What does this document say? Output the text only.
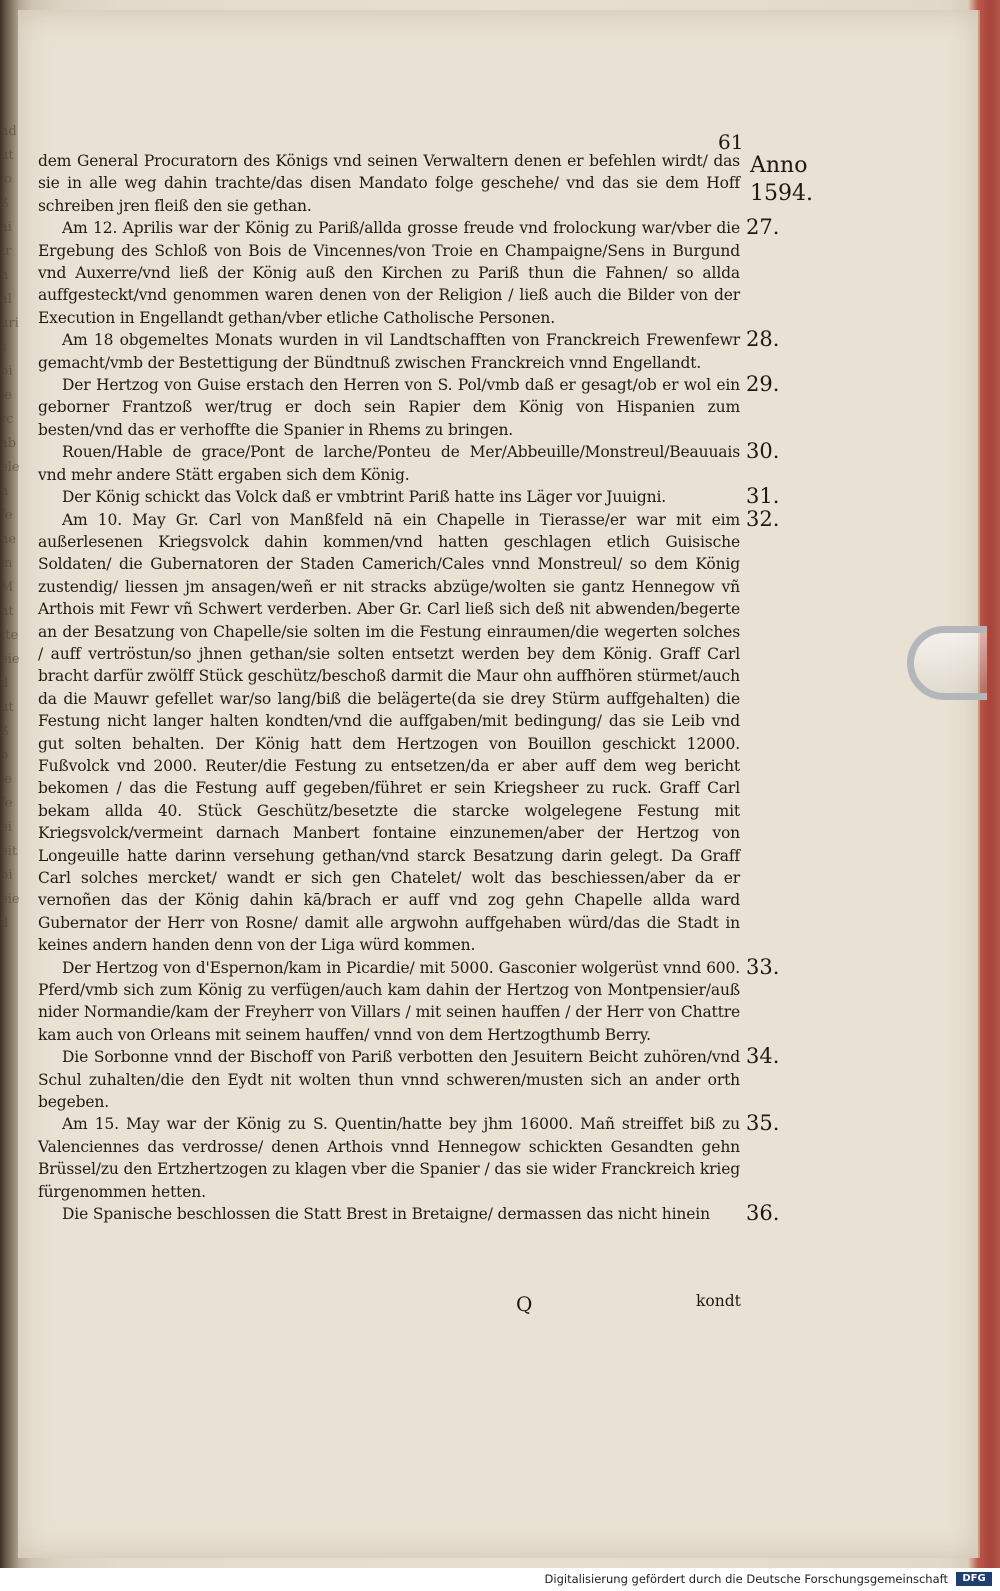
nd
ut
lo
ß
ai
tr
n
al
uri
s
bi
ie
rc
ab
ele
n
fe
ne
m
M
nt
tte
eie
d
ut
ß
b
ie
fe
ei
eit
bi
eie
d
61
Anno
1594.

dem General Procuratorn des Königs vnd seinen Verwaltern denen er befehlen wirdt/ das sie in alle weg dahin trachte/das disen Mandato folge geschehe/ vnd das sie dem Hoff schreiben jren fleiß den sie gethan.

Am 12. Aprilis war der König zu Pariß/allda grosse freude vnd frolockung war/vber die Ergebung des Schloß von Bois de Vincennes/von Troie en Champaigne/Sens in Burgund vnd Auxerre/vnd ließ der König auß den Kirchen zu Pariß thun die Fahnen/ so allda auffgesteckt/vnd genommen waren denen von der Religion / ließ auch die Bilder von der Execution in Engellandt gethan/vber etliche Catholische Personen.

Am 18 obgemeltes Monats wurden in vil Landtschafften von Franckreich Frewenfewr gemacht/vmb der Bestettigung der Bündtnuß zwischen Franckreich vnnd Engellandt.

Der Hertzog von Guise erstach den Herren von S. Pol/vmb daß er gesagt/ob er wol ein geborner Frantzoß wer/trug er doch sein Rapier dem König von Hispanien zum besten/vnd das er verhoffte die Spanier in Rhems zu bringen.

Rouen/Hable de grace/Pont de larche/Ponteu de Mer/Abbeuille/Monstreul/Beauuais vnd mehr andere Stätt ergaben sich dem König.

Der König schickt das Volck daß er vmbtrint Pariß hatte ins Läger vor Juuigni.

Am 10. May Gr. Carl von Manßfeld nā ein Chapelle in Tierasse/er war mit eim außerlesenen Kriegsvolck dahin kommen/vnd hatten geschlagen etlich Guisische Soldaten/ die Gubernatoren der Staden Camerich/Cales vnnd Monstreul/ so dem König zustendig/ liessen jm ansagen/weñ er nit stracks abzüge/wolten sie gantz Hennegow vñ Arthois mit Fewr vñ Schwert verderben. Aber Gr. Carl ließ sich deß nit abwenden/begerte an der Besatzung von Chapelle/sie solten im die Festung einraumen/die wegerten solches / auff vertröstun/so jhnen gethan/sie solten entsetzt werden bey dem König. Graff Carl bracht darfür zwölff Stück geschütz/beschoß darmit die Maur ohn auffhören stürmet/auch da die Mauwr gefellet war/so lang/biß die belägerte(da sie drey Stürm auffgehalten) die Festung nicht langer halten kondten/vnd die auffgaben/mit bedingung/ das sie Leib vnd gut solten behalten. Der König hatt dem Hertzogen von Bouillon geschickt 12000. Fußvolck vnd 2000. Reuter/die Festung zu entsetzen/da er aber auff dem weg bericht bekomen / das die Festung auff gegeben/führet er sein Kriegsheer zu ruck. Graff Carl bekam allda 40. Stück Geschütz/besetzte die starcke wolgelegene Festung mit Kriegsvolck/vermeint darnach Manbert fontaine einzunemen/aber der Hertzog von Longeuille hatte darinn versehung gethan/vnd starck Besatzung darin gelegt. Da Graff Carl solches mercket/ wandt er sich gen Chatelet/ wolt das beschiessen/aber da er vernoñen das der König dahin kā/brach er auff vnd zog gehn Chapelle allda ward Gubernator der Herr von Rosne/ damit alle argwohn auffgehaben würd/das die Stadt in keines andern handen denn von der Liga würd kommen.

Der Hertzog von d'Espernon/kam in Picardie/ mit 5000. Gasconier wolgerüst vnnd 600. Pferd/vmb sich zum König zu verfügen/auch kam dahin der Hertzog von Montpensier/auß nider Normandie/kam der Freyherr von Villars / mit seinen hauffen / der Herr von Chattre kam auch von Orleans mit seinem hauffen/ vnnd von dem Hertzogthumb Berry.

Die Sorbonne vnnd der Bischoff von Pariß verbotten den Jesuitern Beicht zuhören/vnd Schul zuhalten/die den Eydt nit wolten thun vnnd schweren/musten sich an ander orth begeben.

Am 15. May war der König zu S. Quentin/hatte bey jhm 16000. Mañ streiffet biß zu Valenciennes das verdrosse/ denen Arthois vnnd Hennegow schickten Gesandten gehn Brüssel/zu den Ertzhertzogen zu klagen vber die Spanier / das sie wider Franckreich krieg fürgenommen hetten.

Die Spanische beschlossen die Statt Brest in Bretaigne/ dermassen das nicht hinein

27.
28.
29.
30.
31.
32.
33.
34.
35.
36.
Q	kondt
Digitalisierung gefördert durch die Deutsche Forschungsgemeinschaft	DFG
